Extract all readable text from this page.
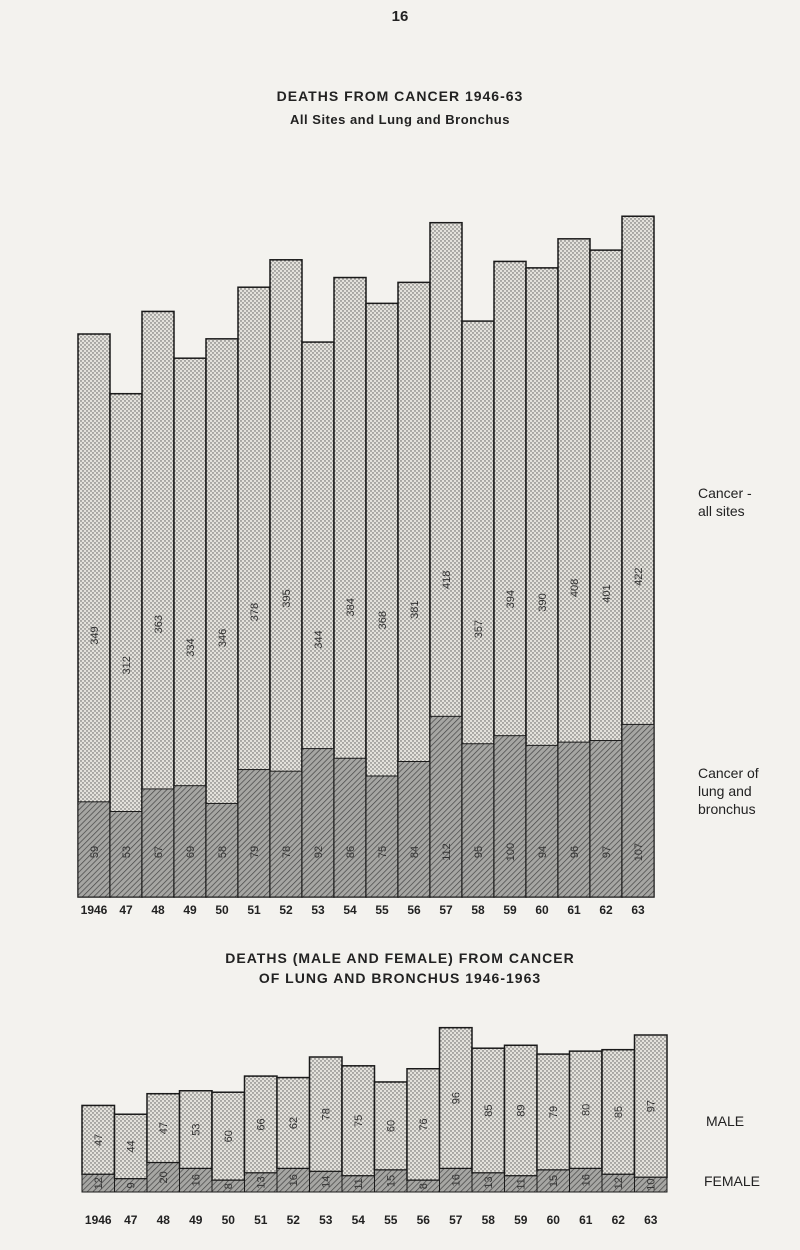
16
DEATHS FROM CANCER 1946-63
All Sites and Lung and Bronchus
DEATHS (MALE AND FEMALE) FROM CANCER
OF LUNG AND BRONCHUS 1946-1963
Cancer -
all sites
Cancer of
lung and
bronchus
MALE
FEMALE
349
59
1946
312
53
47
363
67
48
334
69
49
346
58
50
378
79
51
395
78
52
344
92
53
384
86
54
368
75
55
381
84
56
418
112
57
357
95
58
394
100
59
390
94
60
408
96
61
401
97
62
422
107
63
47
12
1946
44
9
47
47
20
48
53
16
49
60
8
50
66
13
51
62
16
52
78
14
53
75
11
54
60
15
55
76
8
56
96
16
57
85
13
58
89
11
59
79
15
60
80
16
61
85
12
62
97
10
63
